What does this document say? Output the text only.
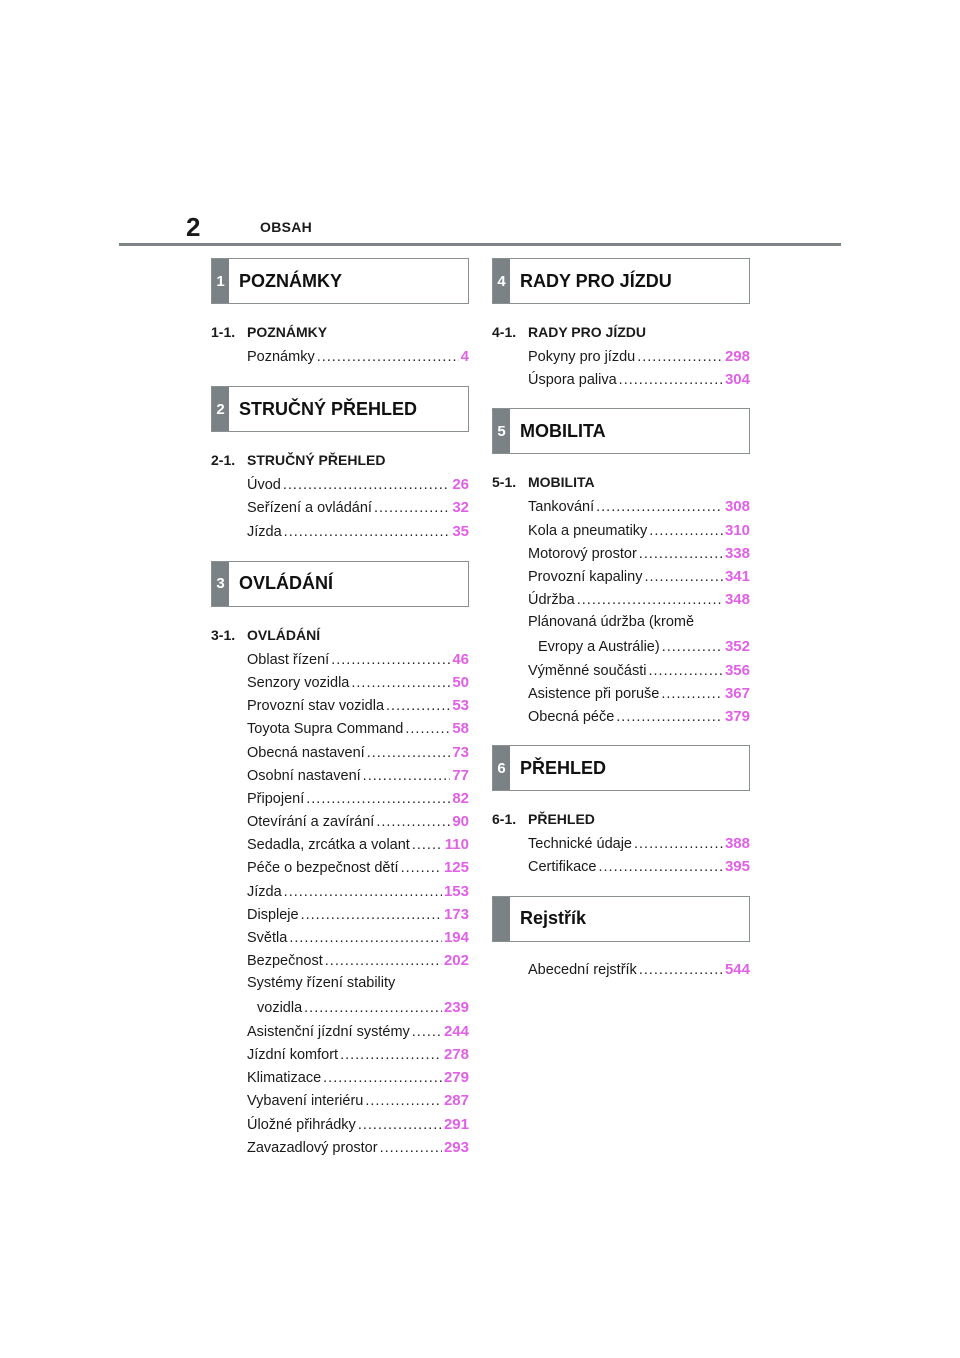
2	OBSAH
1 POZNÁMKY
1-1. POZNÁMKY
Poznámky .....	4
2 STRUČNÝ PŘEHLED
2-1. STRUČNÝ PŘEHLED
Úvod .....	26
Seřízení a ovládání .....	32
Jízda .....	35
3 OVLÁDÁNÍ
3-1. OVLÁDÁNÍ
Oblast řízení .....	46
Senzory vozidla .....	50
Provozní stav vozidla .....	53
Toyota Supra Command .....	58
Obecná nastavení .....	73
Osobní nastavení .....	77
Připojení .....	82
Otevírání a zavírání .....	90
Sedadla, zrcátka a volant ..... 110
Péče o bezpečnost dětí .....	125
Jízda .....	153
Displeje .....	173
Světla .....	194
Bezpečnost .....	202
Systémy řízení stability
vozidla .....	239
Asistenční jízdní systémy ..... 244
Jízdní komfort .....	278
Klimatizace .....	279
Vybavení interiéru .....	287
Úložné přihrádky .....	291
Zavazadlový prostor .....	293
4 RADY PRO JÍZDU
4-1. RADY PRO JÍZDU
Pokyny pro jízdu .....	298
Úspora paliva .....	304
5 MOBILITA
5-1. MOBILITA
Tankování .....	308
Kola a pneumatiky .....	310
Motorový prostor .....	338
Provozní kapaliny .....	341
Údržba .....	348
Plánovaná údržba (kromě
Evropy a Austrálie) .....	352
Výměnné součásti .....	356
Asistence při poruše .....	367
Obecná péče .....	379
6 PŘEHLED
6-1. PŘEHLED
Technické údaje .....	388
Certifikace .....	395
Rejstřík
Abecední rejstřík .....	544
